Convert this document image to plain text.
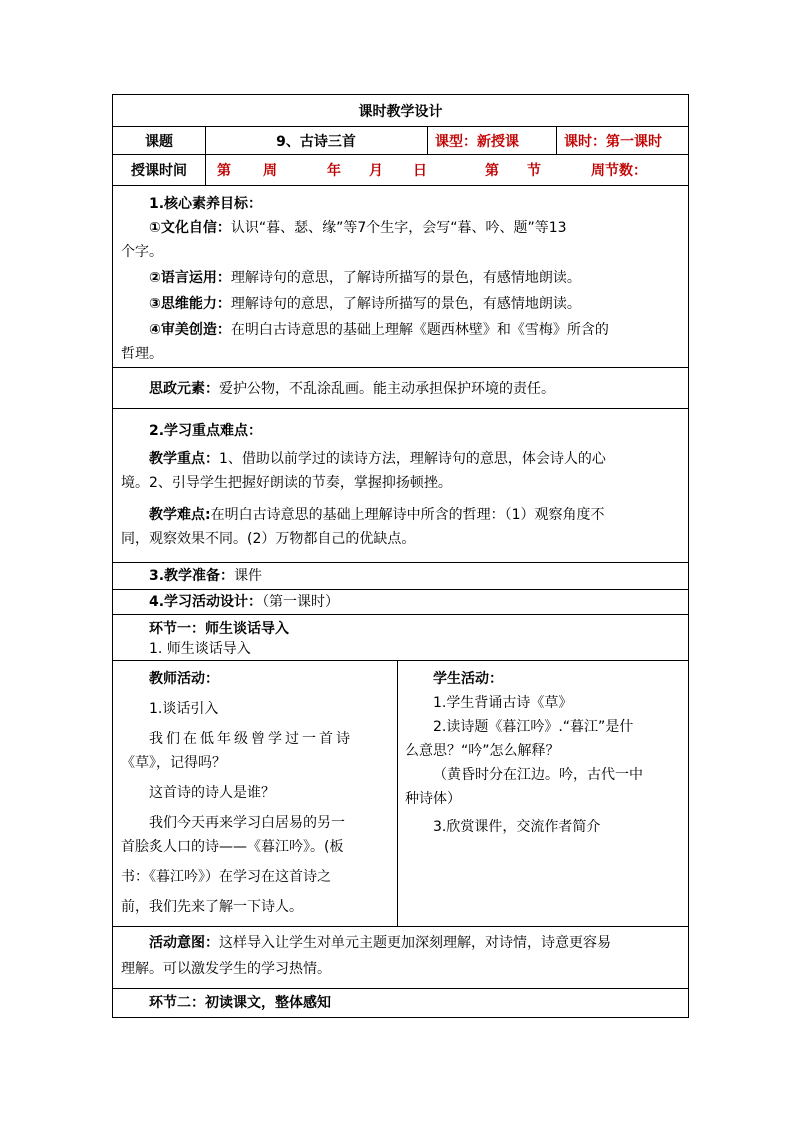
课时教学设计
课题	9、古诗三首	课型：新授课	课时：第一课时
授课时间	第 周	年 月 日	第 节	周节数：
1.核心素养目标：
①文化自信：认识“暮、瑟、缘”等7个生字，会写“暮、吟、题”等13
个字。
②语言运用：理解诗句的意思，了解诗所描写的景色，有感情地朗读。
③思维能力：理解诗句的意思，了解诗所描写的景色，有感情地朗读。
④审美创造：在明白古诗意思的基础上理解《题西林壁》和《雪梅》所含的
哲理。
思政元素：爱护公物，不乱涂乱画。能主动承担保护环境的责任。
2.学习重点难点：
教学重点：1、借助以前学过的读诗方法，理解诗句的意思，体会诗人的心
境。2、引导学生把握好朗读的节奏，掌握抑扬顿挫。
教学难点:在明白古诗意思的基础上理解诗中所含的哲理：（1）观察角度不
同，观察效果不同。(2）万物都自己的优缺点。
3.教学准备：课件
4.学习活动设计：（第一课时）
环节一：师生谈话导入
1. 师生谈话导入
教师活动：
1.谈话引入
我们在低年级曾学过一首诗
《草》，记得吗？
这首诗的诗人是谁？
我们今天再来学习白居易的另一
首脍炙人口的诗——《暮江吟》。(板
书：《暮江吟》）在学习在这首诗之
前，我们先来了解一下诗人。
学生活动：
1.学生背诵古诗《草》
2.读诗题《暮江吟》.“暮江”是什
么意思？“吟”怎么解释？
（黄昏时分在江边。吟，古代一中
种诗体）
3.欣赏课件，交流作者简介
活动意图：这样导入让学生对单元主题更加深刻理解，对诗情，诗意更容易
理解。可以激发学生的学习热情。
环节二：初读课文，整体感知
